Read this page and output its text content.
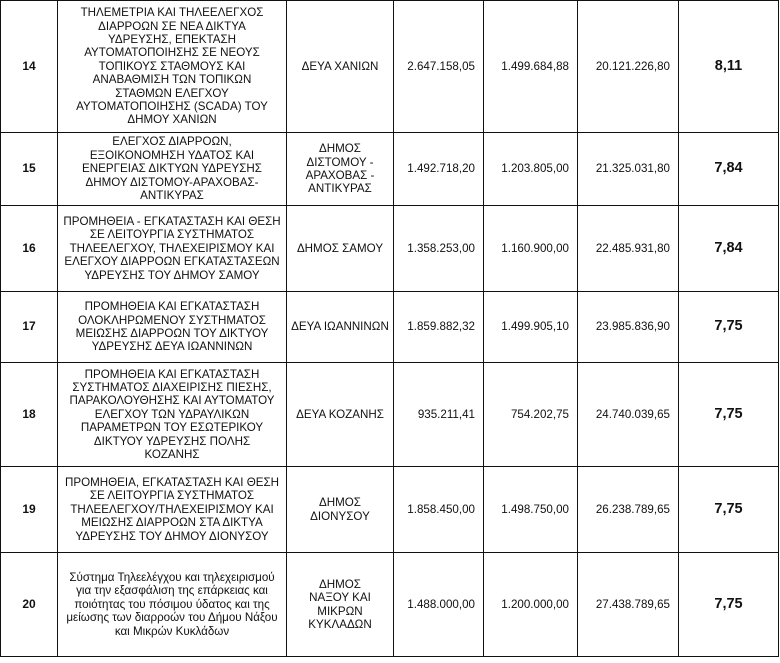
14	ΤΗΛΕΜΕΤΡΙΑ ΚΑΙ ΤΗΛΕΕΛΕΓΧΟΣ ΔΙΑΡΡΟΩΝ ΣΕ ΝΕΑ ΔΙΚΤΥΑ ΥΔΡΕΥΣΗΣ, ΕΠΕΚΤΑΣΗ ΑΥΤΟΜΑΤΟΠΟΙΗΣΗΣ ΣΕ ΝΕΟΥΣ ΤΟΠΙΚΟΥΣ ΣΤΑΘΜΟΥΣ ΚΑΙ ΑΝΑΒΑΘΜΙΣΗ ΤΩΝ ΤΟΠΙΚΩΝ ΣΤΑΘΜΩΝ ΕΛΕΓΧΟΥ ΑΥΤΟΜΑΤΟΠΟΙΗΣΗΣ (SCADA) ΤΟΥ ΔΗΜΟΥ ΧΑΝΙΩΝ	ΔΕΥΑ ΧΑΝΙΩΝ	2.647.158,05	1.499.684,88	20.121.226,80	8,11
15	ΕΛΕΓΧΟΣ ΔΙΑΡΡΟΩΝ, ΕΞΟΙΚΟΝΟΜΗΣΗ ΥΔΑΤΟΣ ΚΑΙ ΕΝΕΡΓΕΙΑΣ ΔΙΚΤΥΩΝ ΥΔΡΕΥΣΗΣ ΔΗΜΟΥ ΔΙΣΤΟΜΟΥ-ΑΡΑΧΟΒΑΣ-ΑΝΤΙΚΥΡΑΣ	ΔΗΜΟΣ ΔΙΣΤΟΜΟΥ - ΑΡΑΧΟΒΑΣ - ΑΝΤΙΚΥΡΑΣ	1.492.718,20	1.203.805,00	21.325.031,80	7,84
16	ΠΡΟΜΗΘΕΙΑ - ΕΓΚΑΤΑΣΤΑΣΗ ΚΑΙ ΘΕΣΗ ΣΕ ΛΕΙΤΟΥΡΓΙΑ ΣΥΣΤΗΜΑΤΟΣ ΤΗΛΕΕΛΕΓΧΟΥ, ΤΗΛΕΧΕΙΡΙΣΜΟΥ ΚΑΙ ΕΛΕΓΧΟΥ ΔΙΑΡΡΟΩΝ ΕΓΚΑΤΑΣΤΑΣΕΩΝ ΥΔΡΕΥΣΗΣ ΤΟΥ ΔΗΜΟΥ ΣΑΜΟΥ	ΔΗΜΟΣ ΣΑΜΟΥ	1.358.253,00	1.160.900,00	22.485.931,80	7,84
17	ΠΡΟΜΗΘΕΙΑ ΚΑΙ ΕΓΚΑΤΑΣΤΑΣΗ ΟΛΟΚΛΗΡΩΜΕΝΟΥ ΣΥΣΤΗΜΑΤΟΣ ΜΕΙΩΣΗΣ ΔΙΑΡΡΟΩΝ ΤΟΥ ΔΙΚΤΥΟΥ ΥΔΡΕΥΣΗΣ ΔΕΥΑ ΙΩΑΝΝΙΝΩΝ	ΔΕΥΑ ΙΩΑΝΝΙΝΩΝ	1.859.882,32	1.499.905,10	23.985.836,90	7,75
18	ΠΡΟΜΗΘΕΙΑ ΚΑΙ ΕΓΚΑΤΑΣΤΑΣΗ ΣΥΣΤΗΜΑΤΟΣ ΔΙΑΧΕΙΡΙΣΗΣ ΠΙΕΣΗΣ, ΠΑΡΑΚΟΛΟΥΘΗΣΗΣ ΚΑΙ ΑΥΤΟΜΑΤΟΥ ΕΛΕΓΧΟΥ ΤΩΝ ΥΔΡΑΥΛΙΚΩΝ ΠΑΡΑΜΕΤΡΩΝ ΤΟΥ ΕΣΩΤΕΡΙΚΟΥ ΔΙΚΤΥΟΥ ΥΔΡΕΥΣΗΣ ΠΟΛΗΣ ΚΟΖΑΝΗΣ	ΔΕΥΑ ΚΟΖΑΝΗΣ	935.211,41	754.202,75	24.740.039,65	7,75
19	ΠΡΟΜΗΘΕΙΑ, ΕΓΚΑΤΑΣΤΑΣΗ ΚΑΙ ΘΕΣΗ ΣΕ ΛΕΙΤΟΥΡΓΙΑ ΣΥΣΤΗΜΑΤΟΣ ΤΗΛΕΕΛΕΓΧΟΥ/ΤΗΛΕΧΕΙΡΙΣΜΟΥ ΚΑΙ ΜΕΙΩΣΗΣ ΔΙΑΡΡΟΩΝ ΣΤΑ ΔΙΚΤΥΑ ΥΔΡΕΥΣΗΣ ΤΟΥ ΔΗΜΟΥ ΔΙΟΝΥΣΟΥ	ΔΗΜΟΣ ΔΙΟΝΥΣΟΥ	1.858.450,00	1.498.750,00	26.238.789,65	7,75
20	Σύστημα Τηλεελέγχου και τηλεχειρισμού για την εξασφάλιση της επάρκειας και ποιότητας του πόσιμου ύδατος και της μείωσης των διαρροών του Δήμου Νάξου και Μικρών Κυκλάδων	ΔΗΜΟΣ ΝΑΞΟΥ ΚΑΙ ΜΙΚΡΩΝ ΚΥΚΛΑΔΩΝ	1.488.000,00	1.200.000,00	27.438.789,65	7,75
